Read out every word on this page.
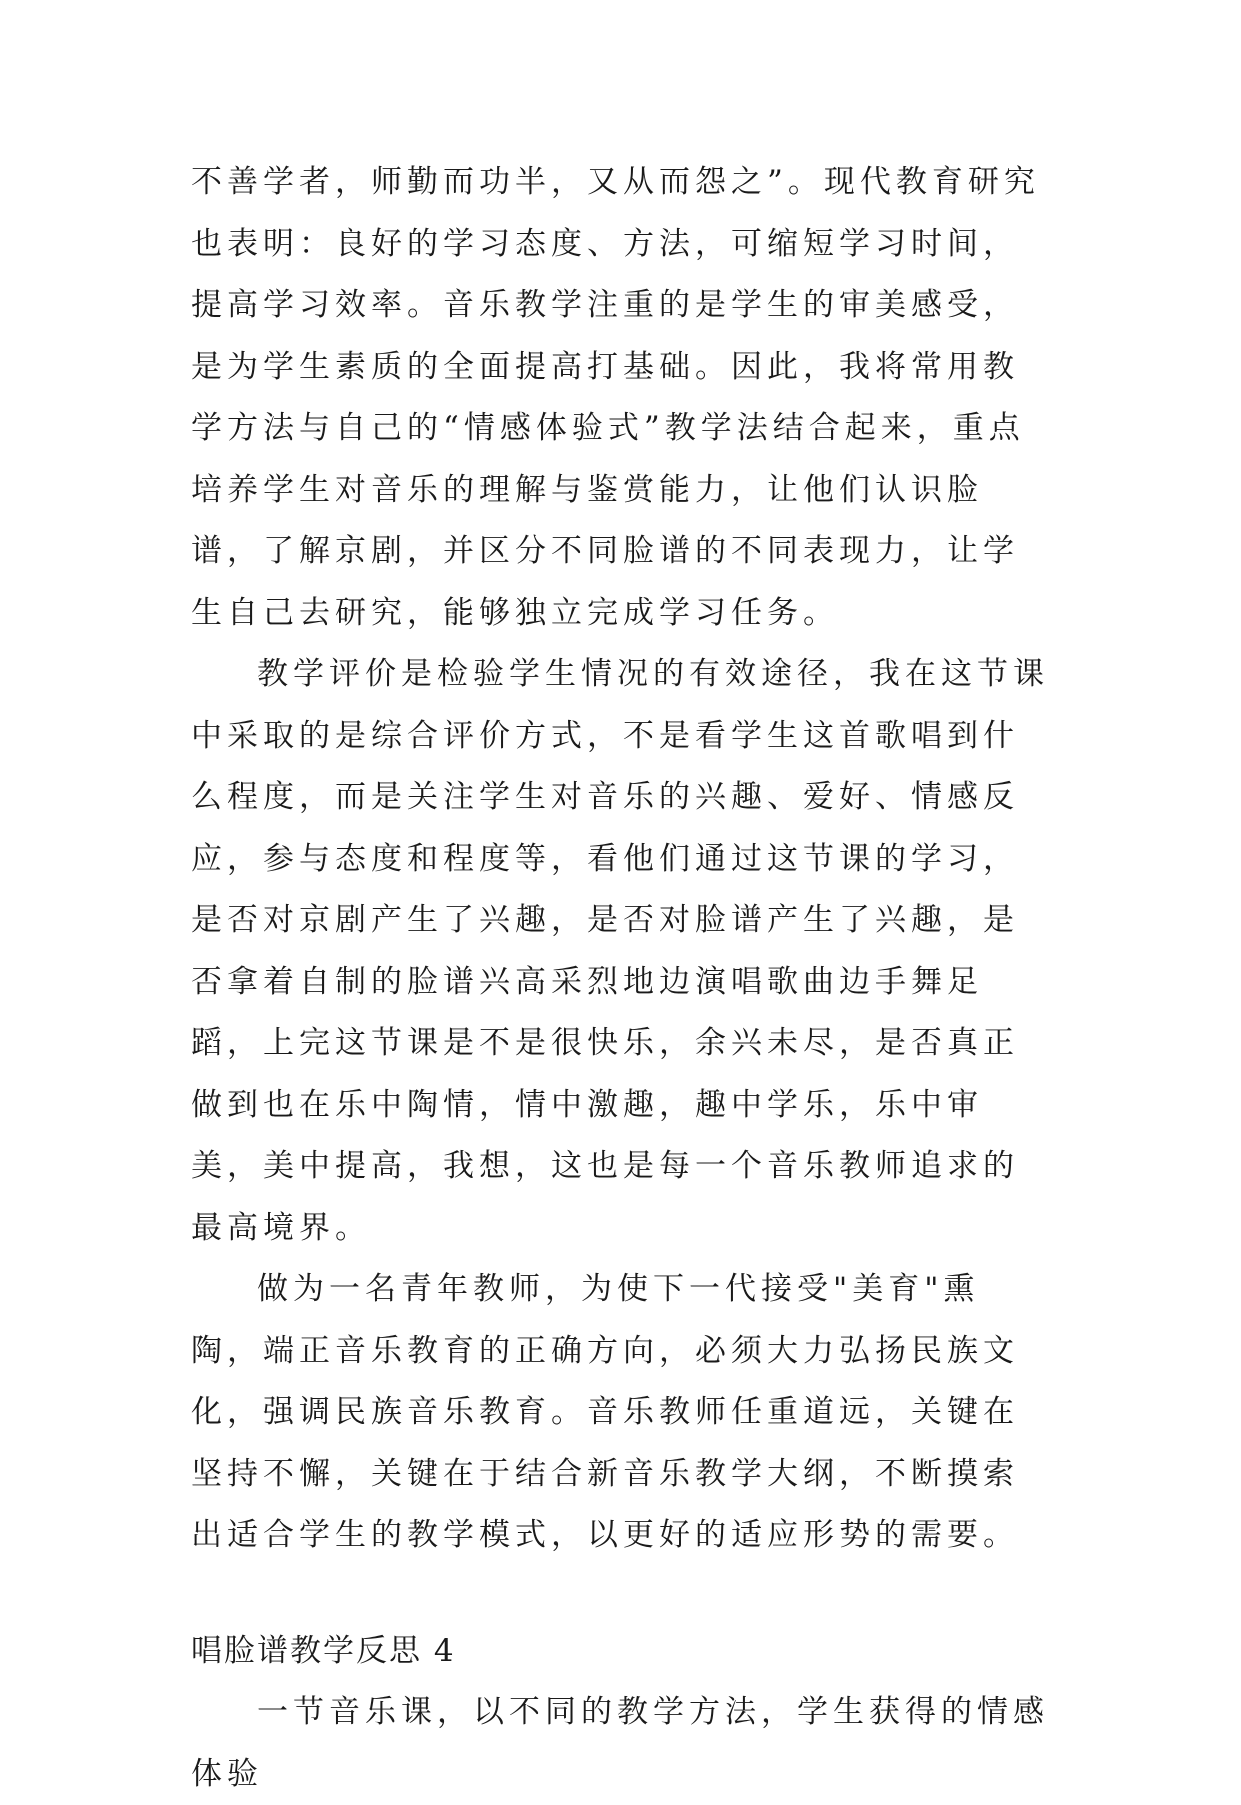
不善学者，师勤而功半，又从而怨之”。现代教育研究也表明：良好的学习态度、方法，可缩短学习时间，提高学习效率。音乐教学注重的是学生的审美感受，是为学生素质的全面提高打基础。因此，我将常用教学方法与自己的“情感体验式”教学法结合起来，重点培养学生对音乐的理解与鉴赏能力，让他们认识脸谱，了解京剧，并区分不同脸谱的不同表现力，让学生自己去研究，能够独立完成学习任务。

教学评价是检验学生情况的有效途径，我在这节课中采取的是综合评价方式，不是看学生这首歌唱到什么程度，而是关注学生对音乐的兴趣、爱好、情感反应，参与态度和程度等，看他们通过这节课的学习，是否对京剧产生了兴趣，是否对脸谱产生了兴趣，是否拿着自制的脸谱兴高采烈地边演唱歌曲边手舞足蹈，上完这节课是不是很快乐，余兴未尽，是否真正做到也在乐中陶情，情中激趣，趣中学乐，乐中审美，美中提高，我想，这也是每一个音乐教师追求的最高境界。

做为一名青年教师，为使下一代接受"美育"熏陶，端正音乐教育的正确方向，必须大力弘扬民族文化，强调民族音乐教育。音乐教师任重道远，关键在坚持不懈，关键在于结合新音乐教学大纲，不断摸索出适合学生的教学模式，以更好的适应形势的需要。

唱脸谱教学反思 4

一节音乐课，以不同的教学方法，学生获得的情感体验
